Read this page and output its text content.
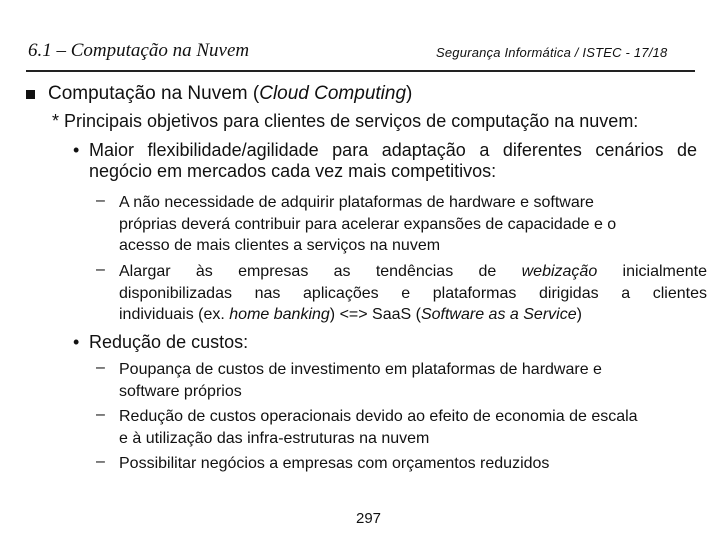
6.1 – Computação na Nuvem	Segurança Informática / ISTEC - 17/18
Computação na Nuvem (Cloud Computing)
* Principais objetivos para clientes de serviços de computação na nuvem:
• Maior flexibilidade/agilidade para adaptação a diferentes cenários de
negócio em mercados cada vez mais competitivos:
– A não necessidade de adquirir plataformas de hardware e software
próprias deverá contribuir para acelerar expansões de capacidade e o
acesso de mais clientes a serviços na nuvem
– Alargar às empresas as tendências de webização inicialmente
disponibilizadas nas aplicações e plataformas dirigidas a clientes
individuais (ex. home banking) <=> SaaS (Software as a Service)
• Redução de custos:
– Poupança de custos de investimento em plataformas de hardware e
software próprios
– Redução de custos operacionais devido ao efeito de economia de escala
e à utilização das infra-estruturas na nuvem
– Possibilitar negócios a empresas com orçamentos reduzidos
297
